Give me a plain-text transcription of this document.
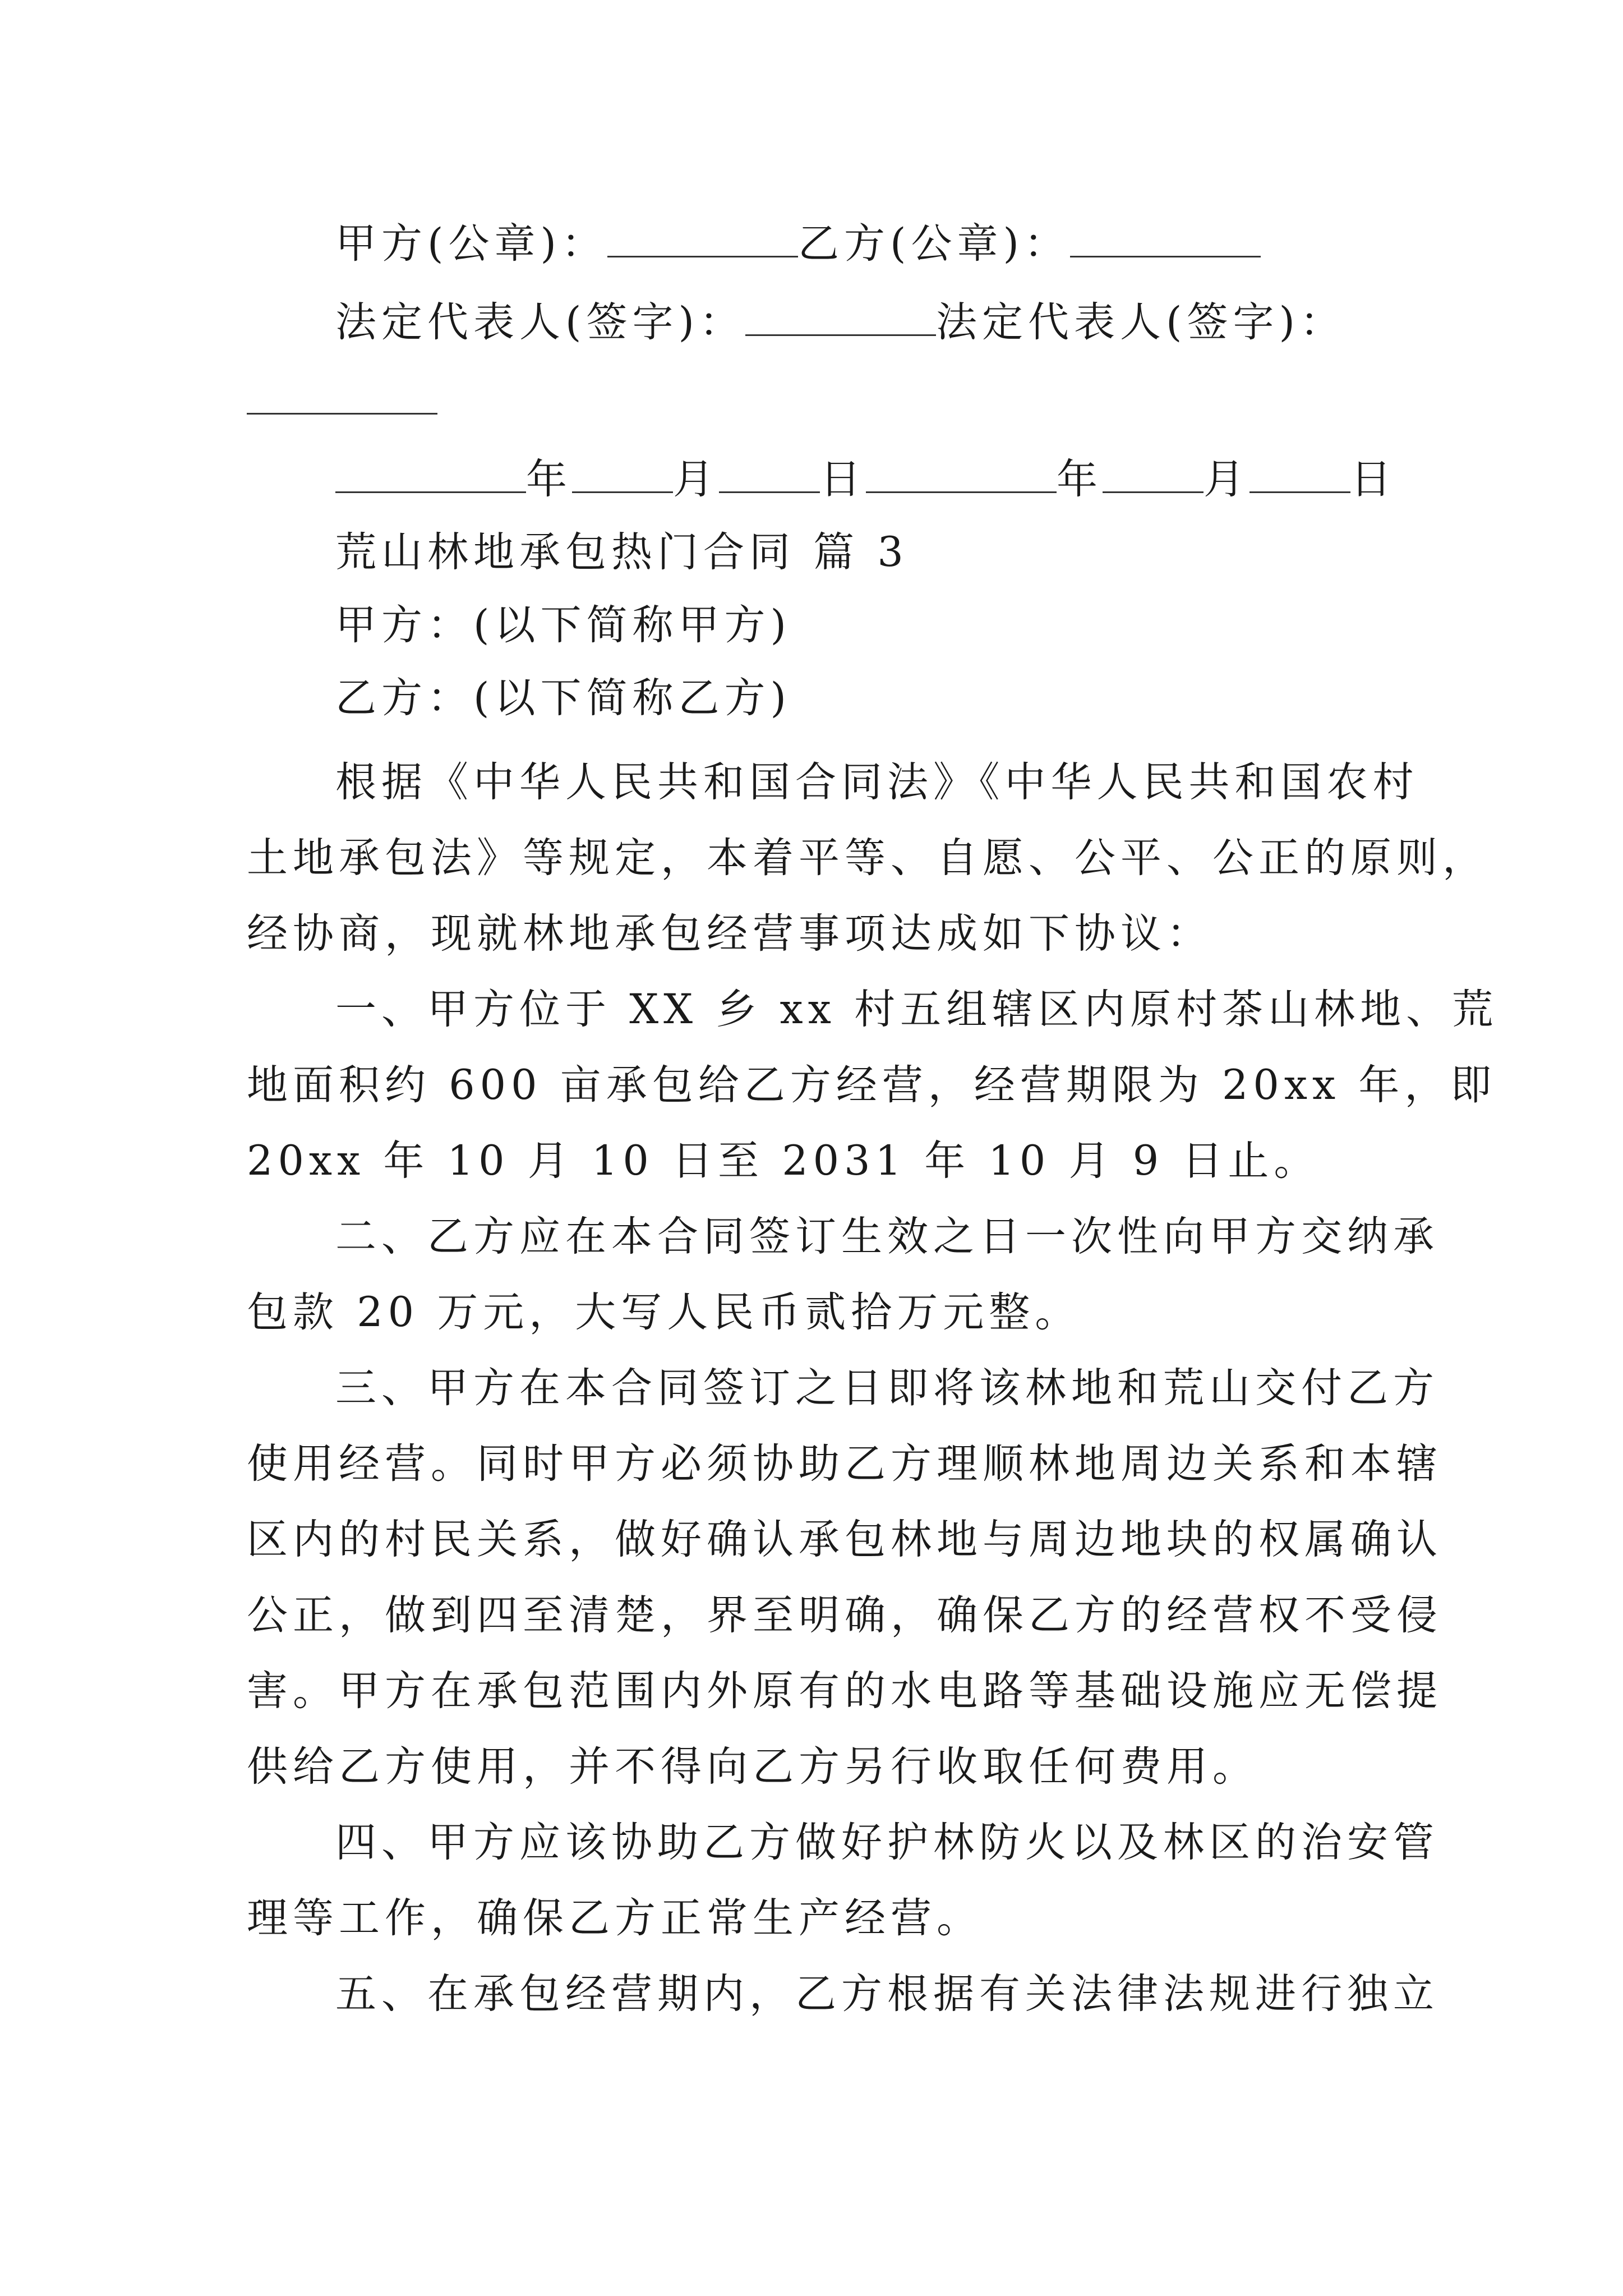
甲方(公章)：	乙方(公章)：
法定代表人(签字)：	法定代表人(签字)：
年 月 日	年 月 日
荒山林地承包热门合同 篇 3
甲方：(以下简称甲方)
乙方：(以下简称乙方)
根据《中华人民共和国合同法》《中华人民共和国农村
土地承包法》等规定，本着平等、自愿、公平、公正的原则，
经协商，现就林地承包经营事项达成如下协议：
一、甲方位于 XX 乡 xx 村五组辖区内原村茶山林地、荒
地面积约 600 亩承包给乙方经营，经营期限为 20xx 年，即
20xx 年 10 月 10 日至 2031 年 10 月 9 日止。
二、乙方应在本合同签订生效之日一次性向甲方交纳承
包款 20 万元，大写人民币贰拾万元整。
三、甲方在本合同签订之日即将该林地和荒山交付乙方
使用经营。同时甲方必须协助乙方理顺林地周边关系和本辖
区内的村民关系，做好确认承包林地与周边地块的权属确认
公正，做到四至清楚，界至明确，确保乙方的经营权不受侵
害。甲方在承包范围内外原有的水电路等基础设施应无偿提
供给乙方使用，并不得向乙方另行收取任何费用。
四、甲方应该协助乙方做好护林防火以及林区的治安管
理等工作，确保乙方正常生产经营。
五、在承包经营期内，乙方根据有关法律法规进行独立
